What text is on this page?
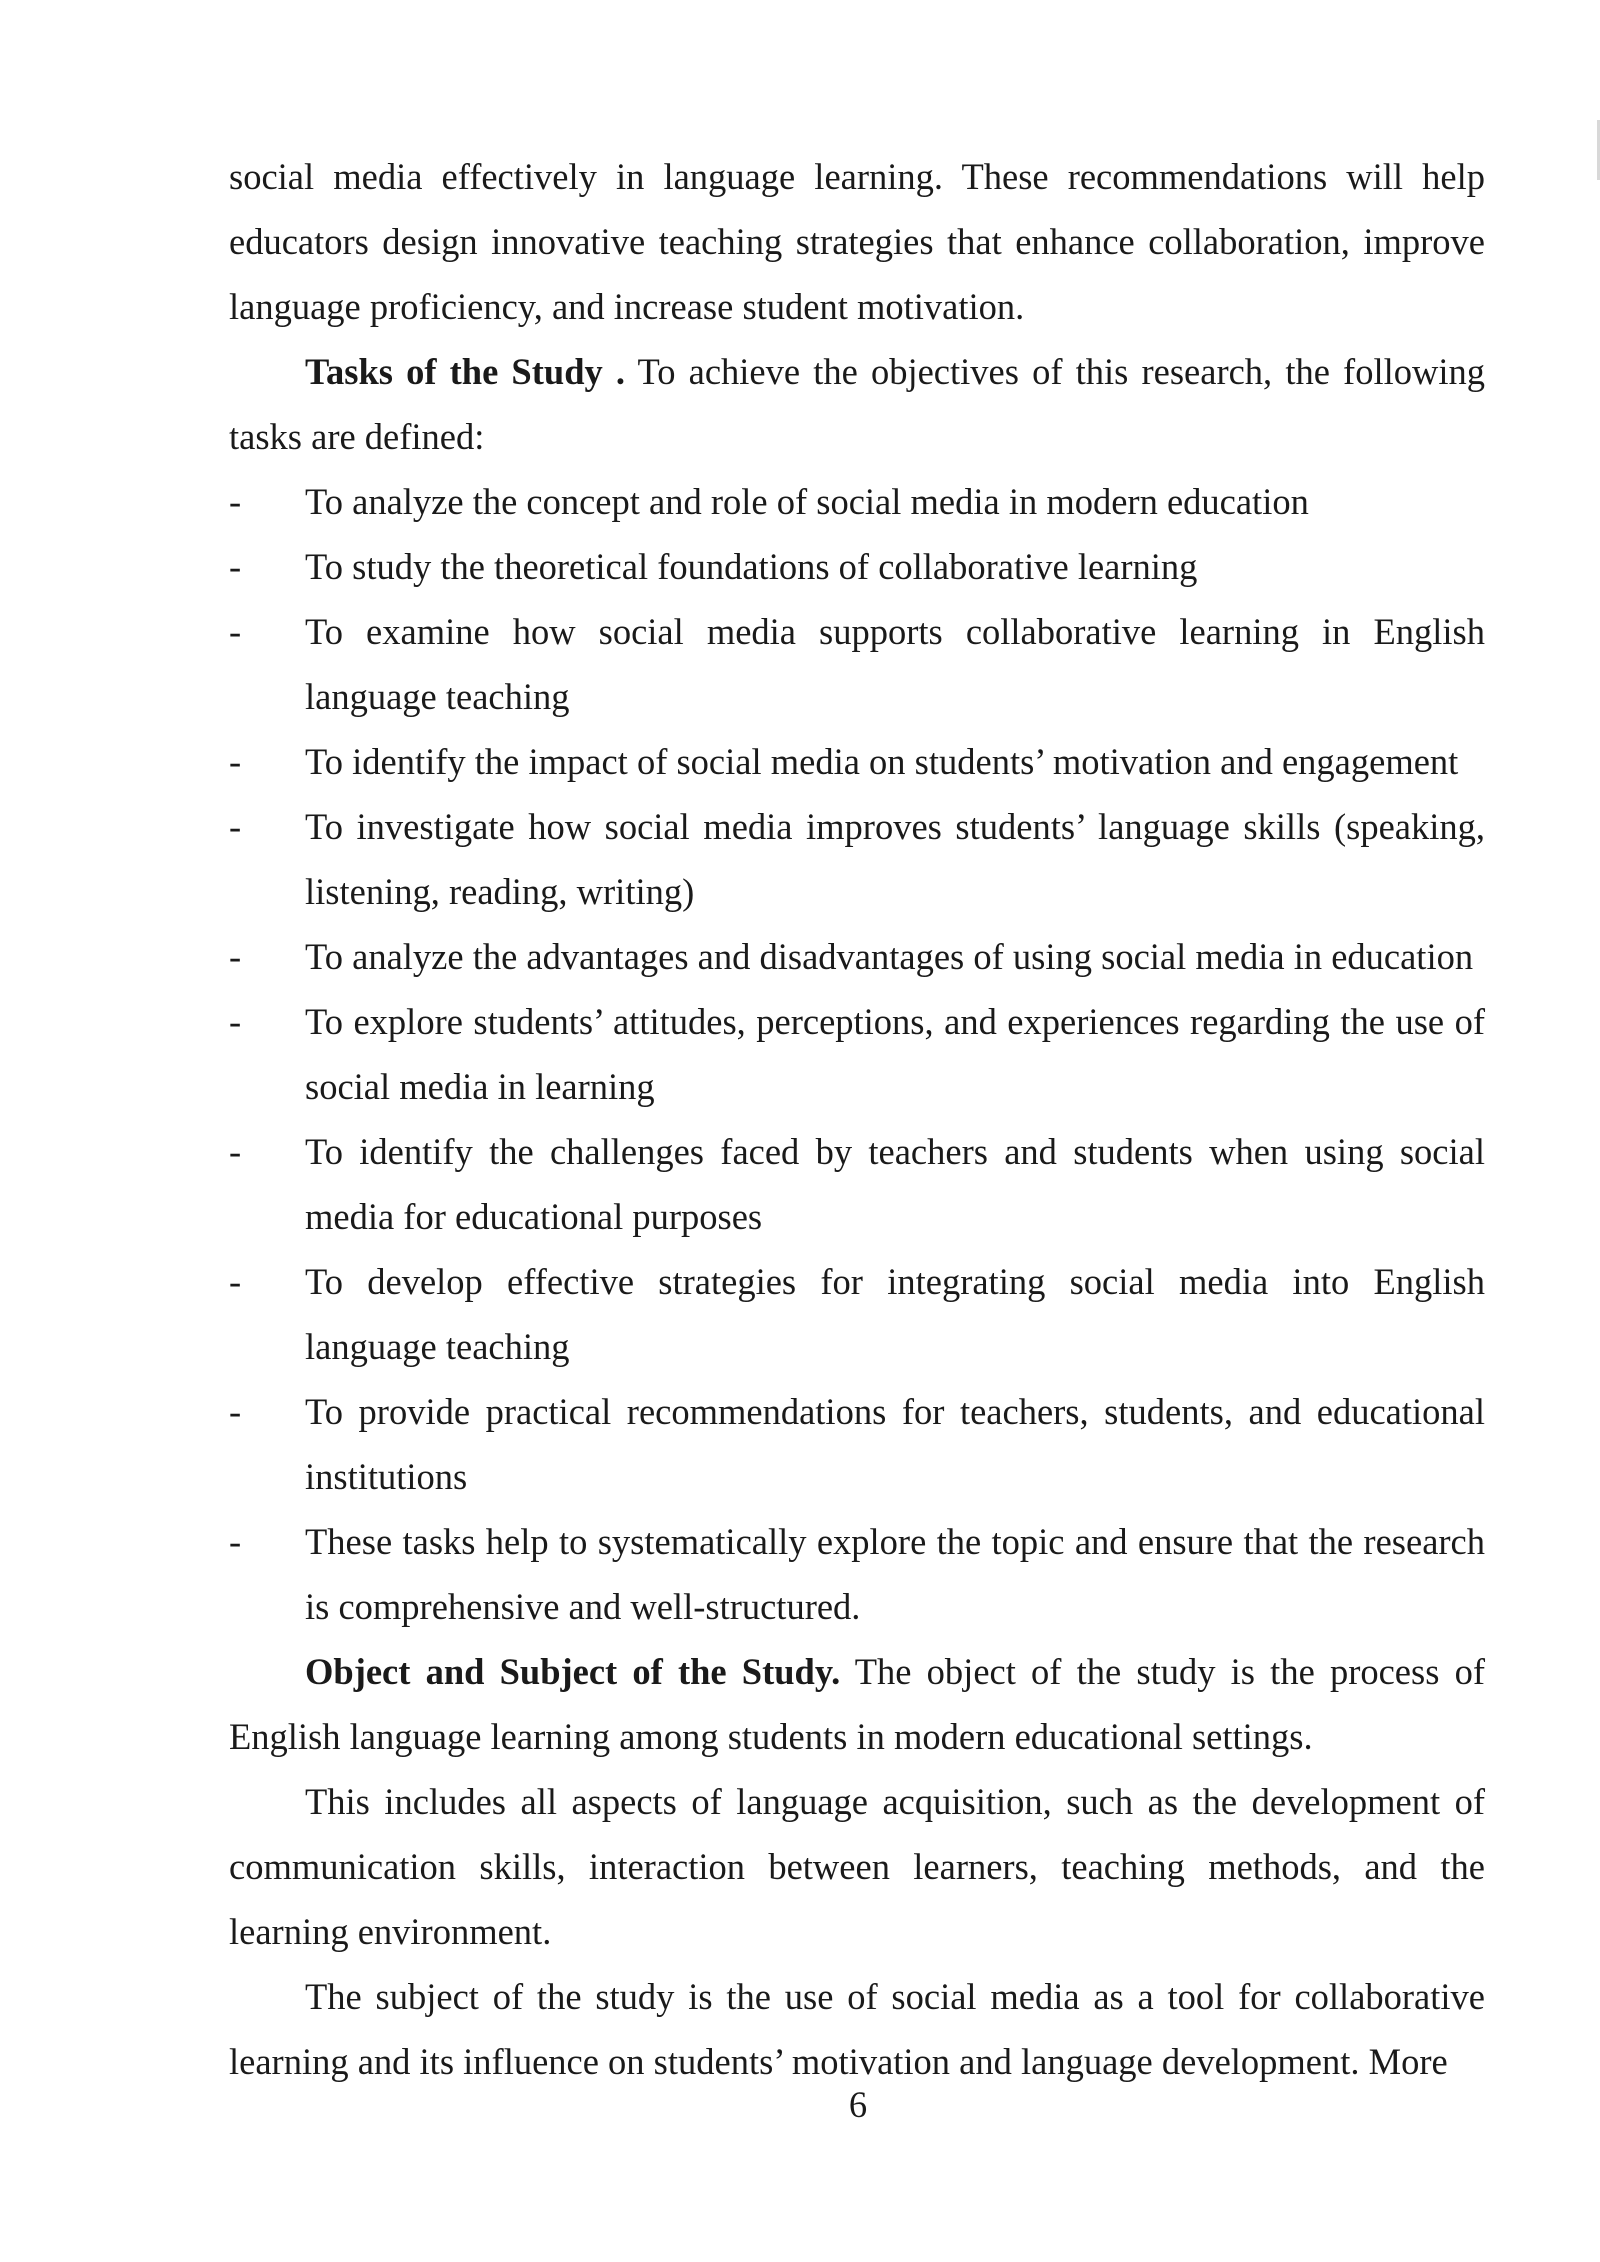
social media effectively in language learning. These recommendations will help educators design innovative teaching strategies that enhance collaboration, improve language proficiency, and increase student motivation.

Tasks of the Study . To achieve the objectives of this research, the following tasks are defined:

- To analyze the concept and role of social media in modern education
- To study the theoretical foundations of collaborative learning
- To examine how social media supports collaborative learning in English language teaching
- To identify the impact of social media on students’ motivation and engagement
- To investigate how social media improves students’ language skills (speaking, listening, reading, writing)
- To analyze the advantages and disadvantages of using social media in education
- To explore students’ attitudes, perceptions, and experiences regarding the use of social media in learning
- To identify the challenges faced by teachers and students when using social media for educational purposes
- To develop effective strategies for integrating social media into English language teaching
- To provide practical recommendations for teachers, students, and educational institutions
- These tasks help to systematically explore the topic and ensure that the research is comprehensive and well-structured.

Object and Subject of the Study. The object of the study is the process of English language learning among students in modern educational settings.

This includes all aspects of language acquisition, such as the development of communication skills, interaction between learners, teaching methods, and the learning environment.

The subject of the study is the use of social media as a tool for collaborative learning and its influence on students’ motivation and language development. More

6
